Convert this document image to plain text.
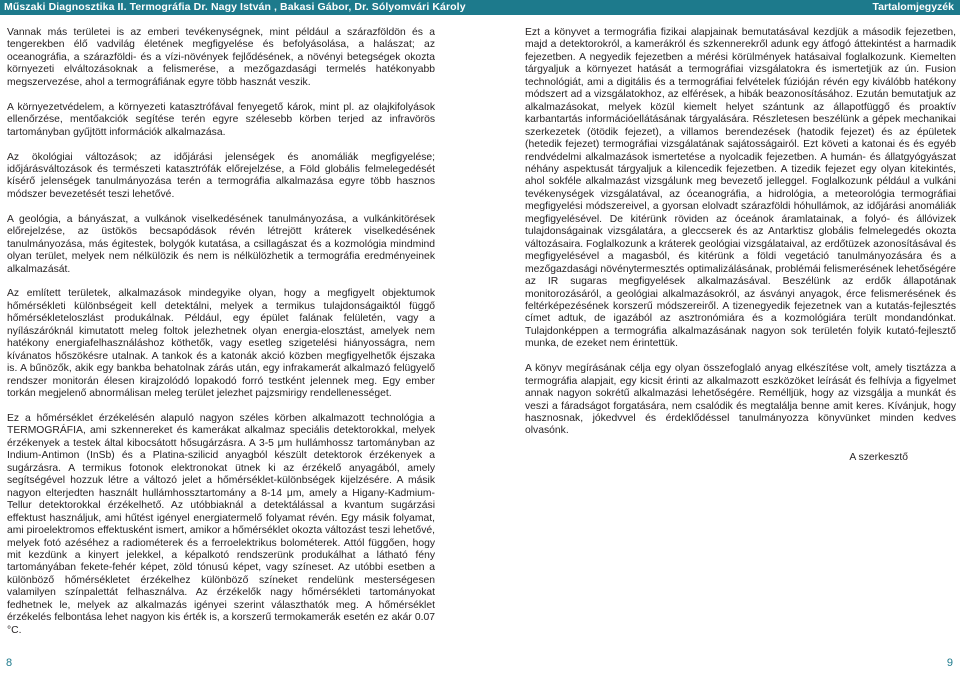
Műszaki Diagnosztika II. Termográfia Dr. Nagy István , Bakasi Gábor, Dr. Sólyomvári Károly	Tartalomjegyzék

Vannak más területei is az emberi tevékenységnek, mint például a szárazföldön és a tengerekben élő vadvilág életének megfigyelése és befolyásolása, a halászat; az oceanográfia, a szárazföldi- és a vízi-növények fejlődésének, a növényi betegségek okozta környezeti elváltozásoknak a felismerése, a mezőgazdasági termelés hatékonyabb megszervezése, ahol a termográfiának egyre több hasznát veszik.

A környezetvédelem, a környezeti katasztrófával fenyegető károk, mint pl. az olajkifolyások ellenőrzése, mentőakciók segítése terén egyre szélesebb körben terjed az infravörös tartományban gyűjtött információk alkalmazása.

Az ökológiai változások; az időjárási jelenségek és anomáliák megfigyelése; időjárásváltozások és természeti katasztrófák előrejelzése, a Föld globális felmelegedését kísérő jelenségek tanulmányozása terén a termográfia alkalmazása egyre több hasznos módszer bevezetését teszi lehetővé.

A geológia, a bányászat, a vulkánok viselkedésének tanulmányozása, a vulkánkitörések előrejelzése, az üstökös becsapódások révén létrejött kráterek viselkedésének tanulmányozása, más égitestek, bolygók kutatása, a csillagászat és a kozmológia mindmind olyan terület, melyek nem nélkülözik és nem is nélkülözhetik a termográfia eredményeinek alkalmazását.

Az említett területek, alkalmazások mindegyike olyan, hogy a megfigyelt objektumok hőmérsékleti különbségeit kell detektálni, melyek a termikus tulajdonságaiktól függő hőmérsékleteloszlást produkálnak. Például, egy épület falának felületén, vagy a nyílászáróknál kimutatott meleg foltok jelezhetnek olyan energia-elosztást, amelyek nem hatékony energiafelhasználáshoz köthetők, vagy esetleg szigetelési hiányosságra, nem kívánatos hőszökésre utalnak. A tankok és a katonák akció közben megfigyelhetők éjszaka is. A bűnözők, akik egy bankba behatolnak zárás után, egy infrakamerát alkalmazó felügyelő rendszer monitorán élesen kirajzolódó lopakodó forró testként jelennek meg. Egy ember torkán megjelenő abnormálisan meleg terület jelezhet pajzsmirigy rendellenességet.

Ez a hőmérséklet érzékelésén alapuló nagyon széles körben alkalmazott technológia a TERMOGRÁFIA, ami szkennereket és kamerákat alkalmaz speciális detektorokkal, melyek érzékenyek a testek által kibocsátott hősugárzásra. A 3-5 μm hullámhossz tartományban az Indium-Antimon (InSb) és a Platina-szilicid anyagból készült detektorok érzékenyek a sugárzásra. A termikus fotonok elektronokat ütnek ki az érzékelő anyagából, amely segítségével hozzuk létre a változó jelet a hőmérséklet-különbségek kijelzésére. A másik nagyon elterjedten használt hullámhossztartomány a 8-14 μm, amely a Higany-Kadmium-Tellur detektorokkal érzékelhető. Az utóbbiaknál a detektálással a kvantum sugárzási effektust használjuk, ami hűtést igényel energiatermelő folyamat révén. Egy másik folyamat, ami piroelektromos effektusként ismert, amikor a hőmérséklet okozta változást teszi lehetővé, melyek fotó azéséhez a radiométerek és a ferroelektrikus bolométerek. Attól függően, hogy mit kezdünk a kinyert jelekkel, a képalkotó rendszerünk produkálhat a látható fény tartományában fekete-fehér képet, zöld tónusú képet, vagy színeset. Az utóbbi esetben a különböző hőmérsékletet érzékelhez különböző színeket rendelünk mesterségesen valamilyen színpalettát felhasználva. Az érzékelők nagy hőmérsékleti tartományokat fedhetnek le, melyek az alkalmazás igényei szerint választhatók meg. A hőmérséklet érzékelés felbontása lehet nagyon kis érték is, a korszerű termokamerák esetén ez akár 0.07 °C.

Ezt a könyvet a termográfia fizikai alapjainak bemutatásával kezdjük a második fejezetben, majd a detektorokról, a kamerákról és szkennerekről adunk egy átfogó áttekintést a harmadik fejezetben. A negyedik fejezetben a mérési körülmények hatásaival foglalkozunk. Kiemelten tárgyaljuk a környezet hatását a termográfiai vizsgálatokra és ismertetjük az ún. Fusion technológiát, ami a digitális és a termográfiai felvételek fúzióján révén egy kiválóbb hatékony módszert ad a vizsgálatokhoz, az elférések, a hibák beazonosításához. Ezután bemutatjuk az alkalmazásokat, melyek közül kiemelt helyet szántunk az állapotfüggő és proaktív karbantartás információellátásának tárgyalására. Részletesen beszélünk a gépek mechanikai szerkezetek (ötödik fejezet), a villamos berendezések (hatodik fejezet) és az épületek (hetedik fejezet) termográfiai vizsgálatának sajátosságairól. Ezt követi a katonai és és egyéb rendvédelmi alkalmazások ismertetése a nyolcadik fejezetben. A humán- és állatgyógyászat néhány aspektusát tárgyaljuk a kilencedik fejezetben. A tizedik fejezet egy olyan kitekintés, ahol sokféle alkalmazást vizsgálunk meg bevezető jelleggel. Foglalkozunk például a vulkáni tevékenységek vizsgálatával, az óceanográfia, a hidrológia, a meteorológia termográfiai megfigyelési módszereivel, a gyorsan elolvadt szárazföldi hóhullámok, az időjárási anomáliák megfigyelésével. De kitérünk röviden az óceánok áramlatainak, a folyó- és állóvizek tulajdonságainak vizsgálatára, a gleccserek és az Antarktisz globális felmelegedés okozta változásaira. Foglalkozunk a kráterek geológiai vizsgálataival, az erdőtüzek azonosításával és megfigyelésével a magasból, és kitérünk a földi vegetáció tanulmányozására és a mezőgazdasági növénytermesztés optimalizálásának, problémái felismerésének lehetőségére az IR sugaras megfigyelések alkalmazásával. Beszélünk az erdők állapotának monitorozásáról, a geológiai alkalmazásokról, az ásványi anyagok, érce felismerésének és feltérképezésének korszerű módszereiről. A tizenegyedik fejezetnek van a kutatás-fejlesztés címet adtuk, de igazából az asztronómiára és a kozmológiára terült mondandónkat. Tulajdonképpen a termográfia alkalmazásának nagyon sok területén folyik kutató-fejlesztő munka, de ezeket nem érintettük.

A könyv megírásának célja egy olyan összefoglaló anyag elkészítése volt, amely tisztázza a termográfia alapjait, egy kicsit érinti az alkalmazott eszközöket leírását és felhívja a figyelmet annak nagyon sokrétű alkalmazási lehetőségére. Remélljük, hogy az vizsgálja a munkát és veszi a fáradságot forgatására, nem csalódik és megtalálja benne amit keres. Kívánjuk, hogy hasznosnak, jókedvvel és érdeklődéssel tanulmányozza könyvünket minden kedves olvasónk.

A szerkesztő
8	9
